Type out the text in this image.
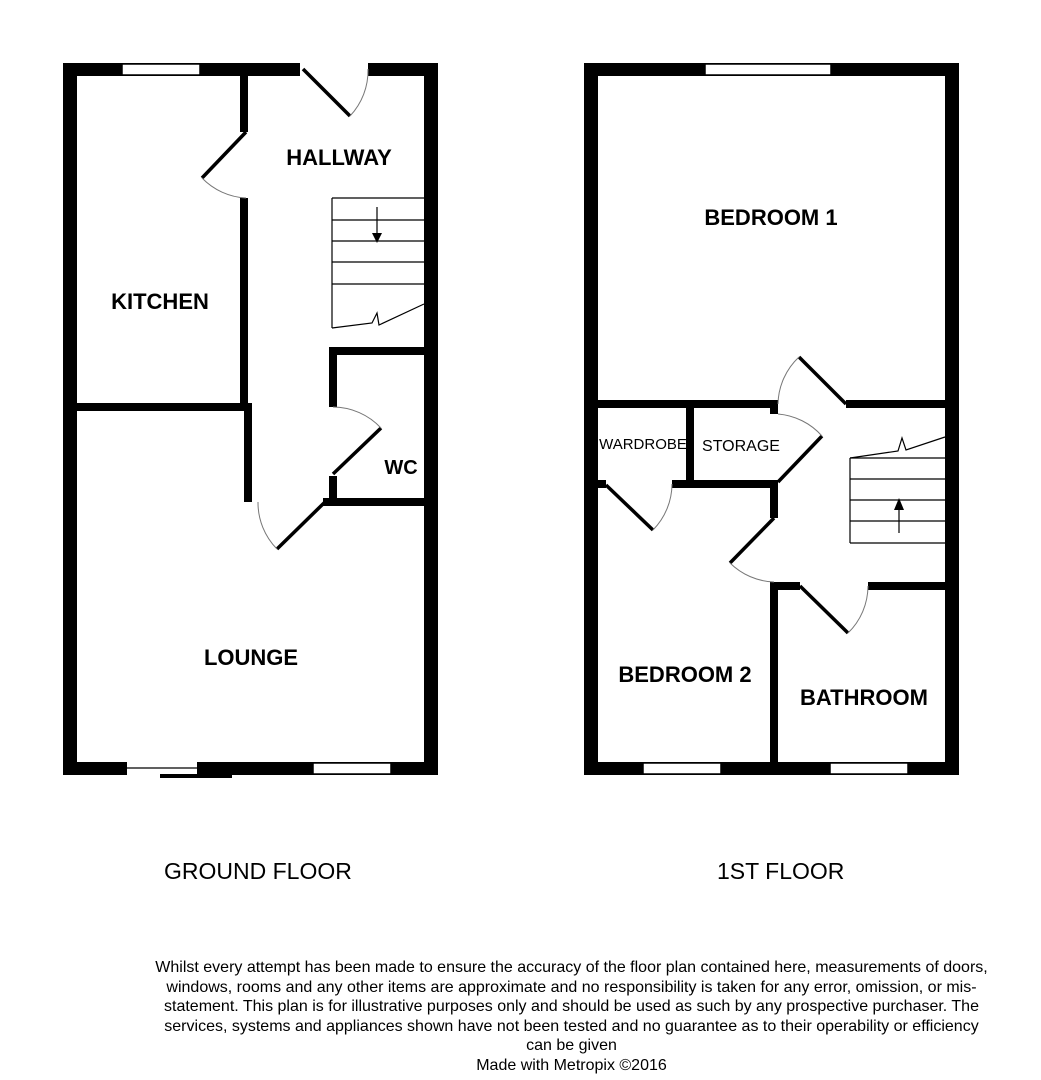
HALLWAY
KITCHEN
WC
LOUNGE
BEDROOM 1
WARDROBE STORAGE
BEDROOM 2
BATHROOM
GROUND FLOOR	1ST FLOOR

Whilst every attempt has been made to ensure the accuracy of the floor plan contained here, measurements of doors, windows, rooms and any other items are approximate and no responsibility is taken for any error, omission, or mis-statement. This plan is for illustrative purposes only and should be used as such by any prospective purchaser. The services, systems and appliances shown have not been tested and no guarantee as to their operability or efficiency can be given

Made with Metropix ©2016
